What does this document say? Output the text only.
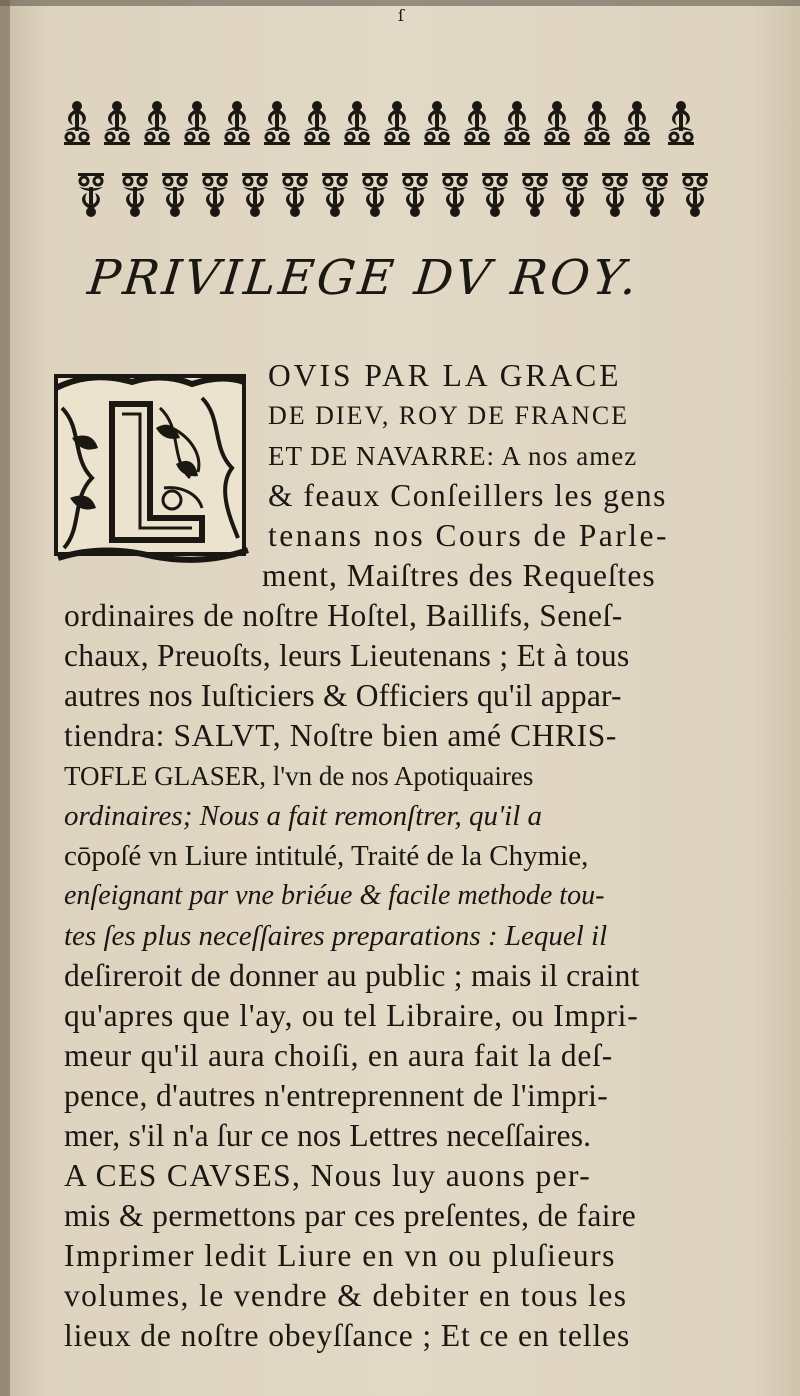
ſ
PRIVILEGE DV ROY.

OVIS PAR LA GRACE

DE DIEV, ROY DE FRANCE

ET DE NAVARRE: A nos amez

& feaux Conſeillers les gens

tenans nos Cours de Parle-

ment, Maiſtres des Requeſtes

ordinaires de noſtre Hoſtel, Baillifs, Seneſ-

chaux, Preuoſts, leurs Lieutenans ; Et à tous

autres nos Iuſticiers & Officiers qu'il appar-

tiendra: SALVT, Noſtre bien amé CHRIS-

TOFLE GLASER, l'vn de nos Apotiquaires

ordinaires; Nous a fait remonſtrer, qu'il a

cōpoſé vn Liure intitulé, Traité de la Chymie,

enſeignant par vne briéue & facile methode tou-

tes ſes plus neceſſaires preparations : Lequel il

deſireroit de donner au public ; mais il craint

qu'apres que l'ay, ou tel Libraire, ou Impri-

meur qu'il aura choiſi, en aura fait la deſ-

pence, d'autres n'entreprennent de l'impri-

mer, s'il n'a ſur ce nos Lettres neceſſaires.

A CES CAVSES, Nous luy auons per-

mis & permettons par ces preſentes, de faire

Imprimer ledit Liure en vn ou pluſieurs

volumes, le vendre & debiter en tous les

lieux de noſtre obeyſſance ; Et ce en telles
